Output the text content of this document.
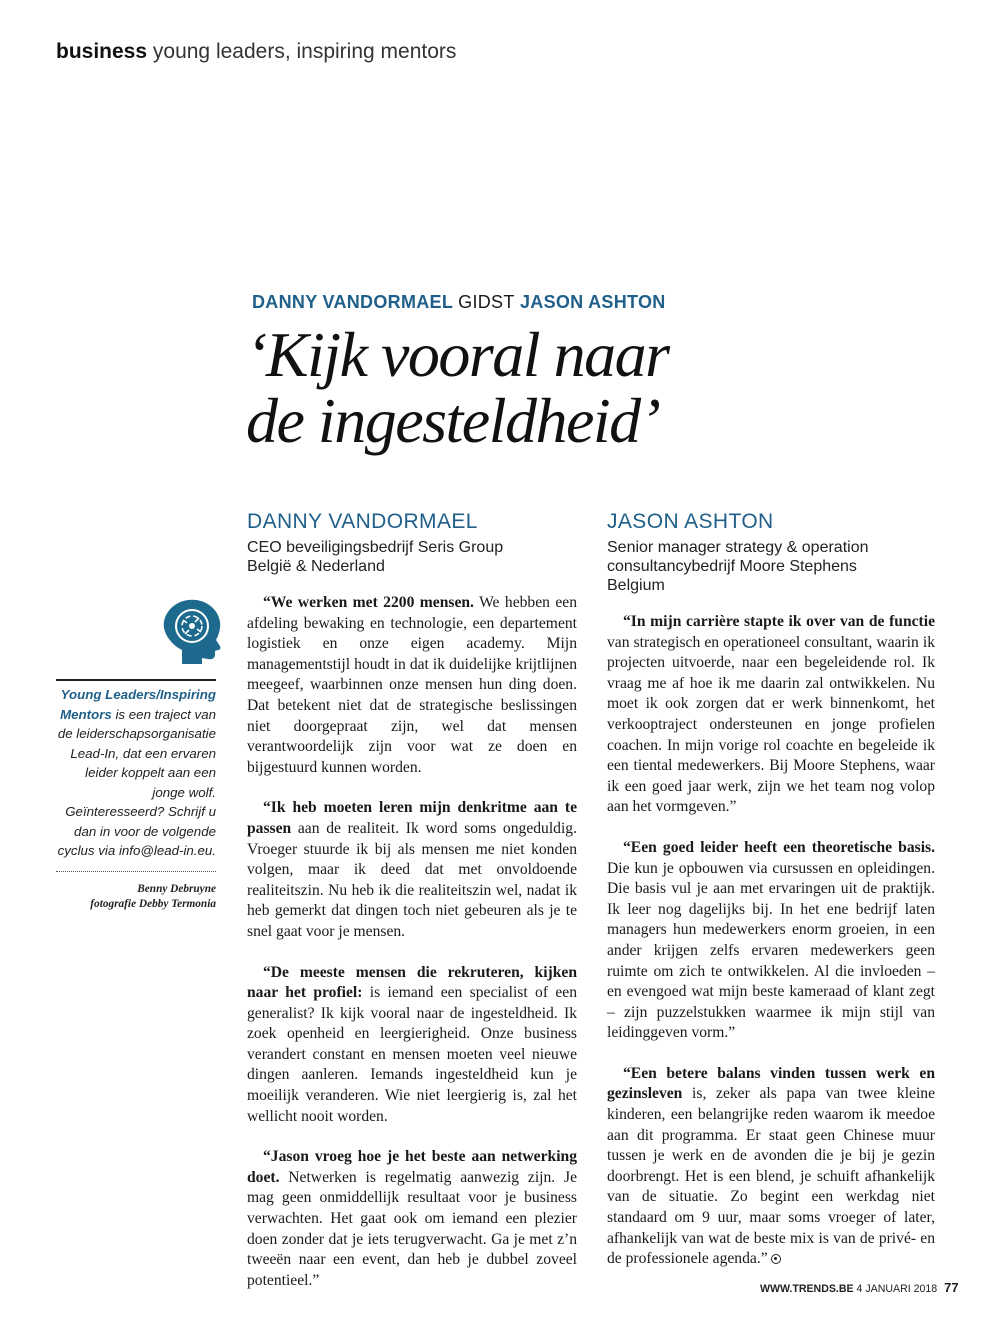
business young leaders, inspiring mentors
DANNY VANDORMAEL GIDST JASON ASHTON
‘Kijk vooral naar
de ingesteldheid’
DANNY VANDORMAEL
CEO beveiligingsbedrijf Seris Group
België & Nederland
JASON ASHTON
Senior manager strategy & operation
consultancybedrijf Moore Stephens
Belgium

“We werken met 2200 mensen. We hebben een afdeling bewaking en technologie, een departement logistiek en onze eigen academy. Mijn managementstijl houdt in dat ik duidelijke krijtlijnen meegeef, waarbinnen onze mensen hun ding doen. Dat betekent niet dat de strategische beslissingen niet doorgepraat zijn, wel dat mensen verantwoordelijk zijn voor wat ze doen en bijgestuurd kunnen worden.

“Ik heb moeten leren mijn denkritme aan te passen aan de realiteit. Ik word soms ongeduldig. Vroeger stuurde ik bij als mensen me niet konden volgen, maar ik deed dat met onvoldoende realiteitszin. Nu heb ik die realiteitszin wel, nadat ik heb gemerkt dat dingen toch niet gebeuren als je te snel gaat voor je mensen.

“De meeste mensen die rekruteren, kijken naar het profiel: is iemand een specialist of een generalist? Ik kijk vooral naar de ingesteldheid. Ik zoek openheid en leergierigheid. Onze business verandert constant en mensen moeten veel nieuwe dingen aanleren. Iemands ingesteldheid kun je moeilijk veranderen. Wie niet leergierig is, zal het wellicht nooit worden.

“Jason vroeg hoe je het beste aan netwerking doet. Netwerken is regelmatig aanwezig zijn. Je mag geen onmiddellijk resultaat voor je business verwachten. Het gaat ook om iemand een plezier doen zonder dat je iets terugverwacht. Ga je met z’n tweeën naar een event, dan heb je dubbel zoveel potentieel.”

“In mijn carrière stapte ik over van de functie van strategisch en operationeel consultant, waarin ik projecten uitvoerde, naar een begeleidende rol. Ik vraag me af hoe ik me daarin zal ontwikkelen. Nu moet ik ook zorgen dat er werk binnenkomt, het verkooptraject ondersteunen en jonge profielen coachen. In mijn vorige rol coachte en begeleide ik een tiental medewerkers. Bij Moore Stephens, waar ik een goed jaar werk, zijn we het team nog volop aan het vormgeven.”

“Een goed leider heeft een theoretische basis. Die kun je opbouwen via cursussen en opleidingen. Die basis vul je aan met ervaringen uit de praktijk. Ik leer nog dagelijks bij. In het ene bedrijf laten managers hun medewerkers enorm groeien, in een ander krijgen zelfs ervaren medewerkers geen ruimte om zich te ontwikkelen. Al die invloeden – en evengoed wat mijn beste kameraad of klant zegt – zijn puzzelstukken waarmee ik mijn stijl van leidinggeven vorm.”

“Een betere balans vinden tussen werk en gezinsleven is, zeker als papa van twee kleine kinderen, een belangrijke reden waarom ik meedoe aan dit programma. Er staat geen Chinese muur tussen je werk en de avonden die je bij je gezin doorbrengt. Het is een blend, je schuift afhankelijk van de situatie. Zo begint een werkdag niet standaard om 9 uur, maar soms vroeger of later, afhankelijk van wat de beste mix is van de privé- en de professionele agenda.”

Young Leaders/Inspiring Mentors is een traject van de leiderschapsorganisatie Lead-In, dat een ervaren leider koppelt aan een jonge wolf. Geïnteresseerd? Schrijf u dan in voor de volgende cyclus via info@lead-in.eu.
Benny Debruyne
fotografie Debby Termonia
WWW.TRENDS.BE 4 JANUARI 2018 77
